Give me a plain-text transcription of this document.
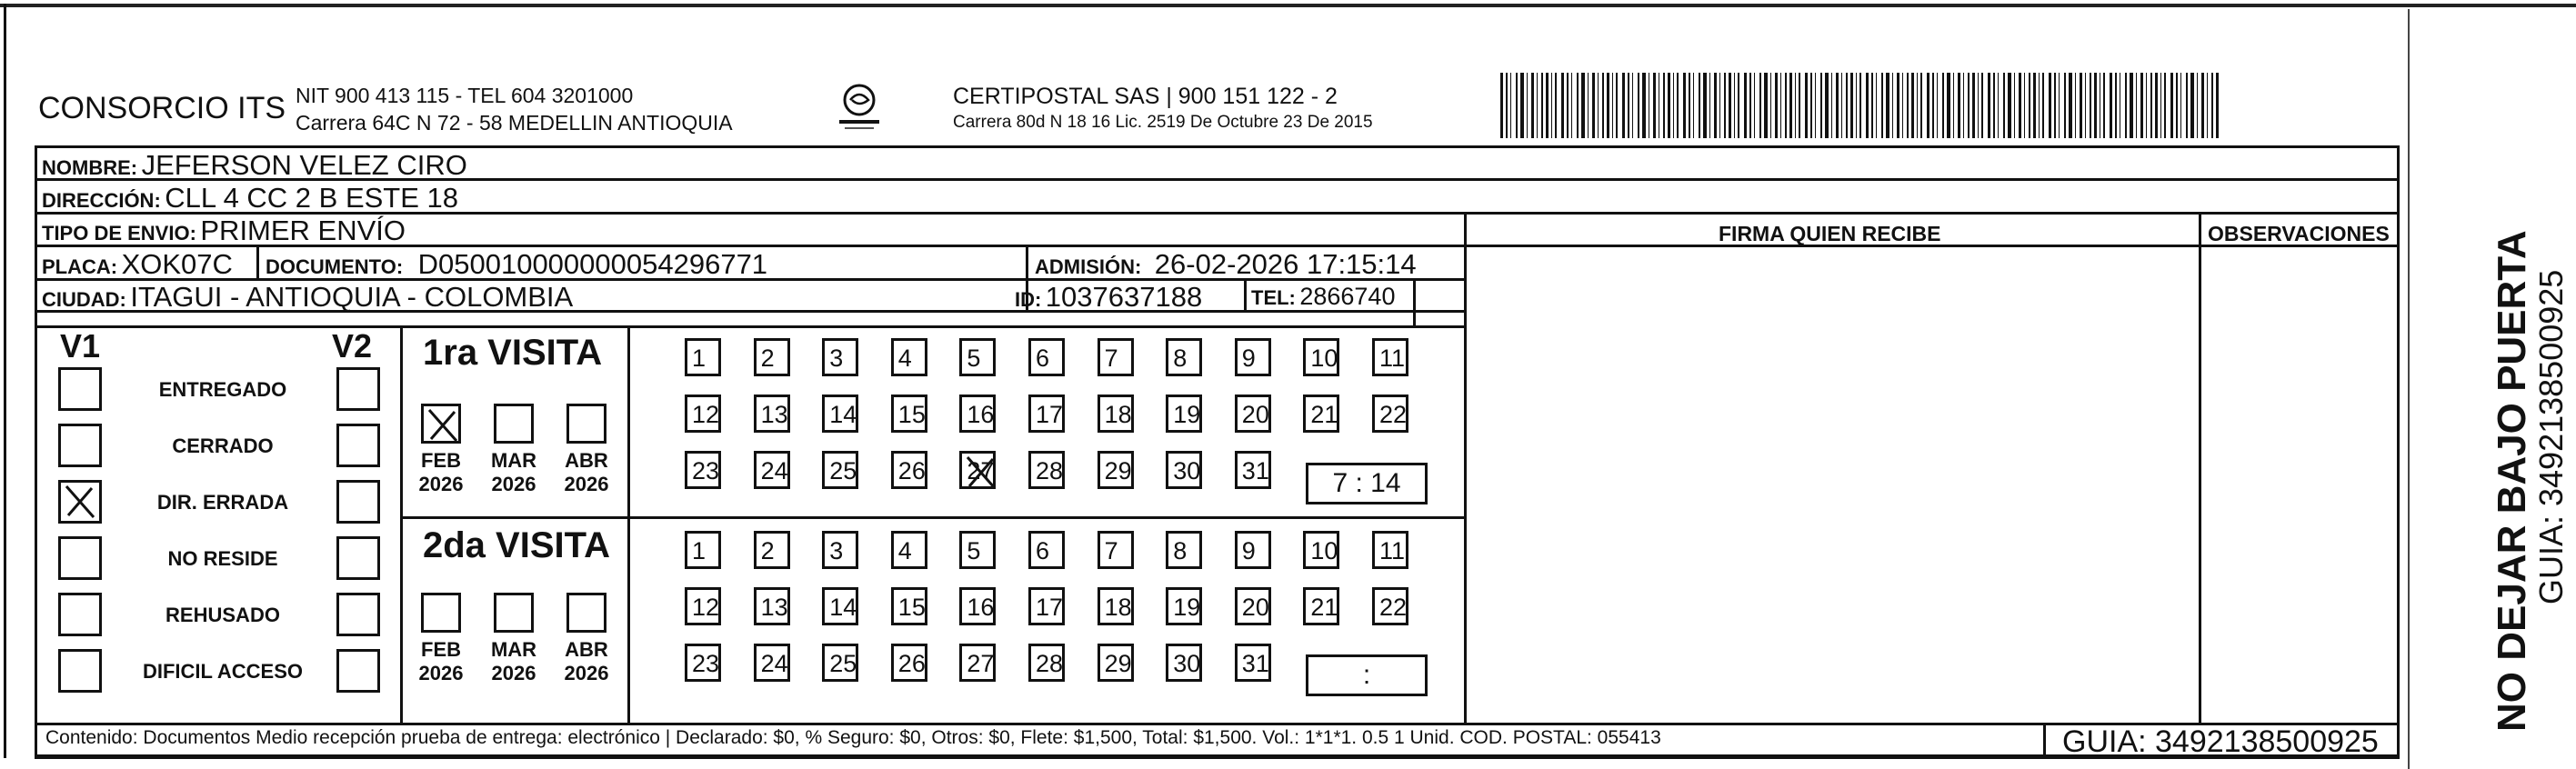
CONSORCIO ITS NIT 900 413 115 - TEL 604 3201000
Carrera 64C N 72 - 58 MEDELLIN ANTIOQUIA
CERTIPOSTAL SAS | 900 151 122 - 2
Carrera 80d N 18 16 Lic. 2519 De Octubre 23 De 2015
NOMBRE: JEFERSON VELEZ CIRO
DIRECCIÓN: CLL 4 CC 2 B ESTE 18
TIPO DE ENVIO: PRIMER ENVÍO	FIRMA QUIEN RECIBE	OBSERVACIONES
PLACA: XOK07C DOCUMENTO: D050010000000054296771	ADMISIÓN: 26-02-2026 17:15:14
CIUDAD: ITAGUI - ANTIOQUIA - COLOMBIA	ID: 1037637188 TEL: 2866740
V1	V2
ENTREGADO
CERRADO
DIR. ERRADA
NO RESIDE
REHUSADO
DIFICIL ACCESO
1ra VISITA
2da VISITA
FEB
2026
MAR
2026
ABR
2026
FEB
2026
MAR
2026
ABR
2026
1	2	3	4	5	6	7	8	9	10 11
12 13 14 15 16 17 18 19 20 21 22
23 24 25 26 27 28 29 30 31
1	2	3	4	5	6	7	8	9	10 11
12 13 14 15 16 17 18 19 20 21 22
23 24 25 26 27 28 29 30 31
7 : 14
:
Contenido: Documentos Medio recepción prueba de entrega: electrónico | Declarado: $0, % Seguro: $0, Otros: $0, Flete: $1,500, Total: $1,500. Vol.: 1*1*1. 0.5 1 Unid. COD. POSTAL: 055413	GUIA: 3492138500925
NO DEJAR BAJO PUERTA
GUIA: 3492138500925
